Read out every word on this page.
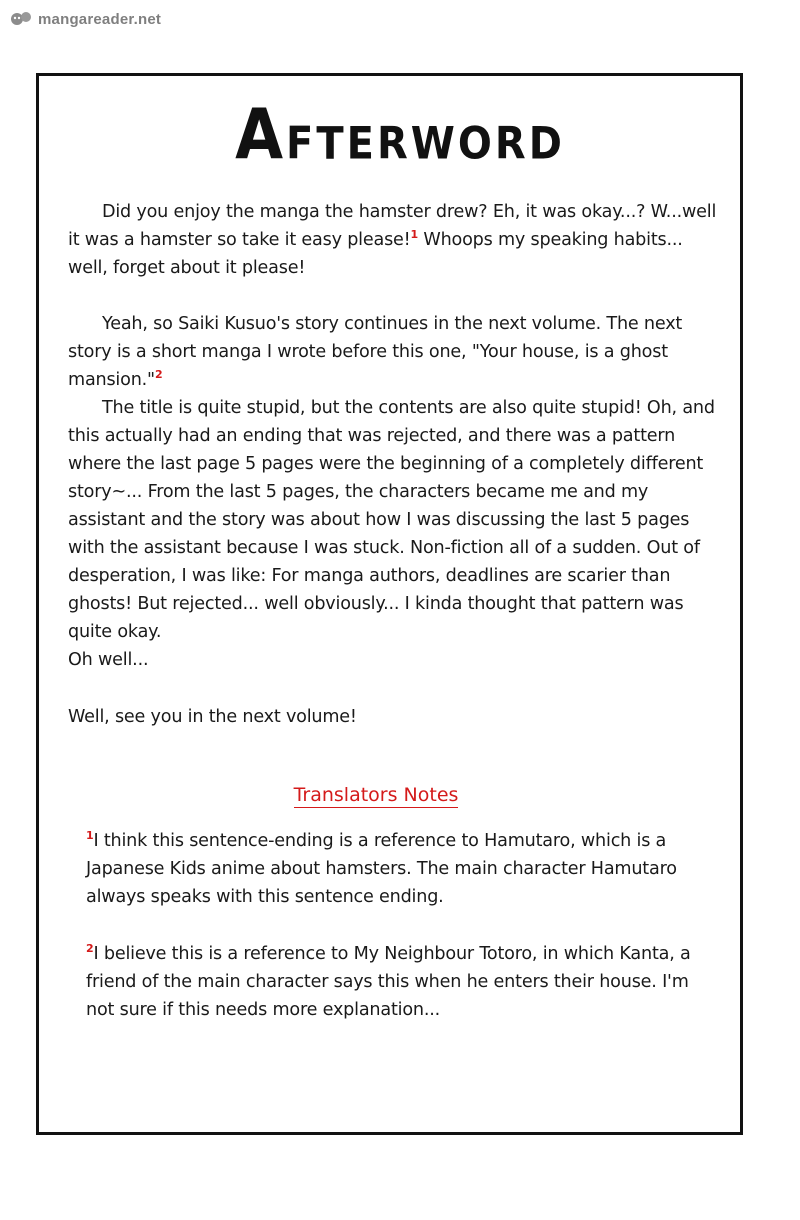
mangareader.net
AFTERWORD

Did you enjoy the manga the hamster drew? Eh, it was okay...? W...well it was a hamster so take it easy please!$^1$ Whoops my speaking habits... well, forget about it please!

Yeah, so Saiki Kusuo's story continues in the next volume. The next story is a short manga I wrote before this one, "Your house, is a ghost mansion."$^2$

The title is quite stupid, but the contents are also quite stupid! Oh, and this actually had an ending that was rejected, and there was a pattern where the last page 5 pages were the beginning of a completely different story~... From the last 5 pages, the characters became me and my assistant and the story was about how I was discussing the last 5 pages with the assistant because I was stuck. Non-fiction all of a sudden. Out of desperation, I was like: For manga authors, deadlines are scarier than ghosts! But rejected... well obviously... I kinda thought that pattern was quite okay.

Oh well...

Well, see you in the next volume!

Translators Notes

$^1$I think this sentence-ending is a reference to Hamutaro, which is a Japanese Kids anime about hamsters. The main character Hamutaro always speaks with this sentence ending.

$^2$I believe this is a reference to My Neighbour Totoro, in which Kanta, a friend of the main character says this when he enters their house. I'm not sure if this needs more explanation...
